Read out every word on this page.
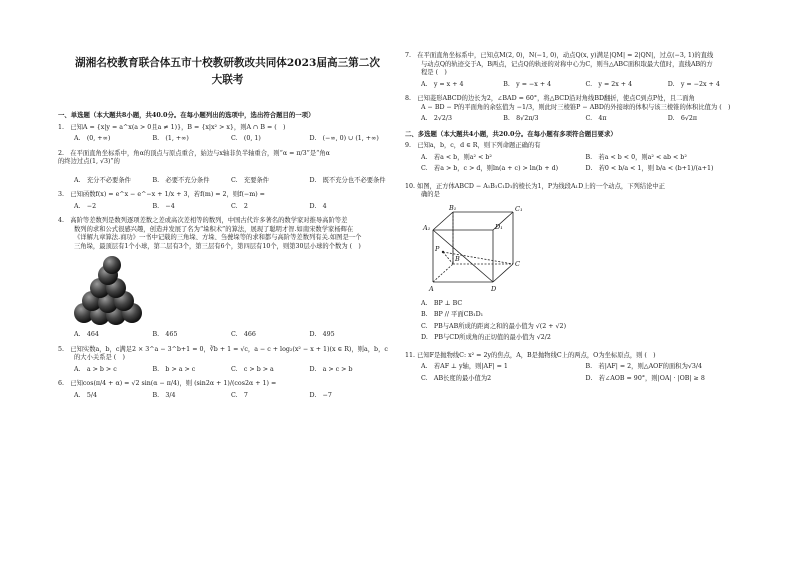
湖湘名校教育联合体五市十校教研教改共同体2023届高三第二次大联考
一、单选题（本大题共8小题，共40.0分。在每小题列出的选项中，选出符合题目的一项）

1.　已知A = {x|y = a^x(a > 0且a ≠ 1)}，B = {x|x² > x}，则A ∩ B = (　)

A.　(0, +∞)	B.　(1, +∞)	C.　(0, 1)	D.　(−∞, 0) ∪ (1, +∞)

2.　在平面直角坐标系中，角α的顶点与原点重合，始边与x轴非负半轴重合，则“α = π/3”是“角α

的终边过点(1, √3)”的

A.　充分不必要条件	B.　必要不充分条件	C.　充要条件	D.　既不充分也不必要条件

3.　已知函数f(x) = e^x − e^−x + 1/x + 3，若f(m) = 2，则f(−m) =

A.　−2	B.　−4	C.　2	D.　4

4.　高阶等差数列是数列逐项差数之差或高次差相等的数列，中国古代许多著名的数学家对推导高阶等差

数列的求和公式很感兴趣，创造并发展了名为“垛积术”的算法，展现了聪明才智.如南宋数学家杨辉在

《详解九章算法.商功》一书中记载的三角垛、方垛、刍甍垛等的求和都与高阶等差数列有关.如图是一个

三角垛，最顶层有1个小球，第二层有3个，第三层有6个，第四层有10个，则第30层小球的个数为 (　)

A.　464	B.　465	C.　466	D.　495

5.　已知实数a，b，c满足2 × 3^a − 3^b+1 = 0，∛b + 1 = √c，a − c + log₂(x² − x + 1)(x ∈ R)，则a，b，c

的大小关系是 (　)

A.　a > b > c	B.　b > a > c	C.　c > b > a	D.　a > c > b

6.　已知cos(π/4 + α) = √2 sin(α − π/4)，则 (sin2α + 1)/(cos2α + 1) =

A.　5/4	B.　3/4	C.　7	D.　−7

7.　在平面直角坐标系中，已知点M(2, 0)，N(−1, 0)，动点Q(x, y)满足|QM| = 2|QN|，过点(−3, 1)的直线

与动点Q的轨迹交于A，B两点，记点Q的轨迹的对称中心为C，则当△ABC面积取最大值时，直线AB的方

程是 (　)

A.　y = x + 4	B.　y = −x + 4	C.　y = 2x + 4	D.　y = −2x + 4

8.　已知菱形ABCD的边长为2，∠BAD = 60°，将△BCD沿对角线BD翻折，使点C到点P处，且二面角

A − BD − P的平面角的余弦值为 −1/3，则此时三棱锥P − ABD的外接球的体积与该三棱锥的体积比值为 (　)

A.　2√2/3	B.　8√2π/3	C.　4π	D.　6√2π
二、多选题（本大题共4小题，共20.0分。在每小题有多项符合题目要求）

9.　已知a，b，c，d ∈ R，则下列命题正确的有

A.　若a < b，则a² < b²	B.　若a < b < 0，则a² < ab < b²
C.　若a > b，c > d，则ln(a + c) > ln(b + d)	D.　若0 < b/a < 1，则 b/a < (b+1)/(a+1)

10. 如图，正方体ABCD − A₁B₁C₁D₁的棱长为1，P为线段A₁D上的一个动点，下列结论中正

确的是

B₁	C₁
A₁	D₁
P
B
C
A	D
A.　BP ⊥ BC
B.　BP // 平面CB₁D₁
C.　PB与AB所成的距离之和的最小值为 √(2 + √2)
D.　PB与CD所成角的正切值的最小值为 √2/2

11. 已知F是抛物线C: x² = 2y的焦点，A，B是抛物线C上的两点，O为坐标原点，则 (　)

A.　若AF ⊥ y轴，则|AF| = 1	B.　若|AF| = 2，则△AOF的面积为√3/4
C.　AB长度的最小值为2	D.　若∠AOB = 90°，则|OA| · |OB| ≥ 8
